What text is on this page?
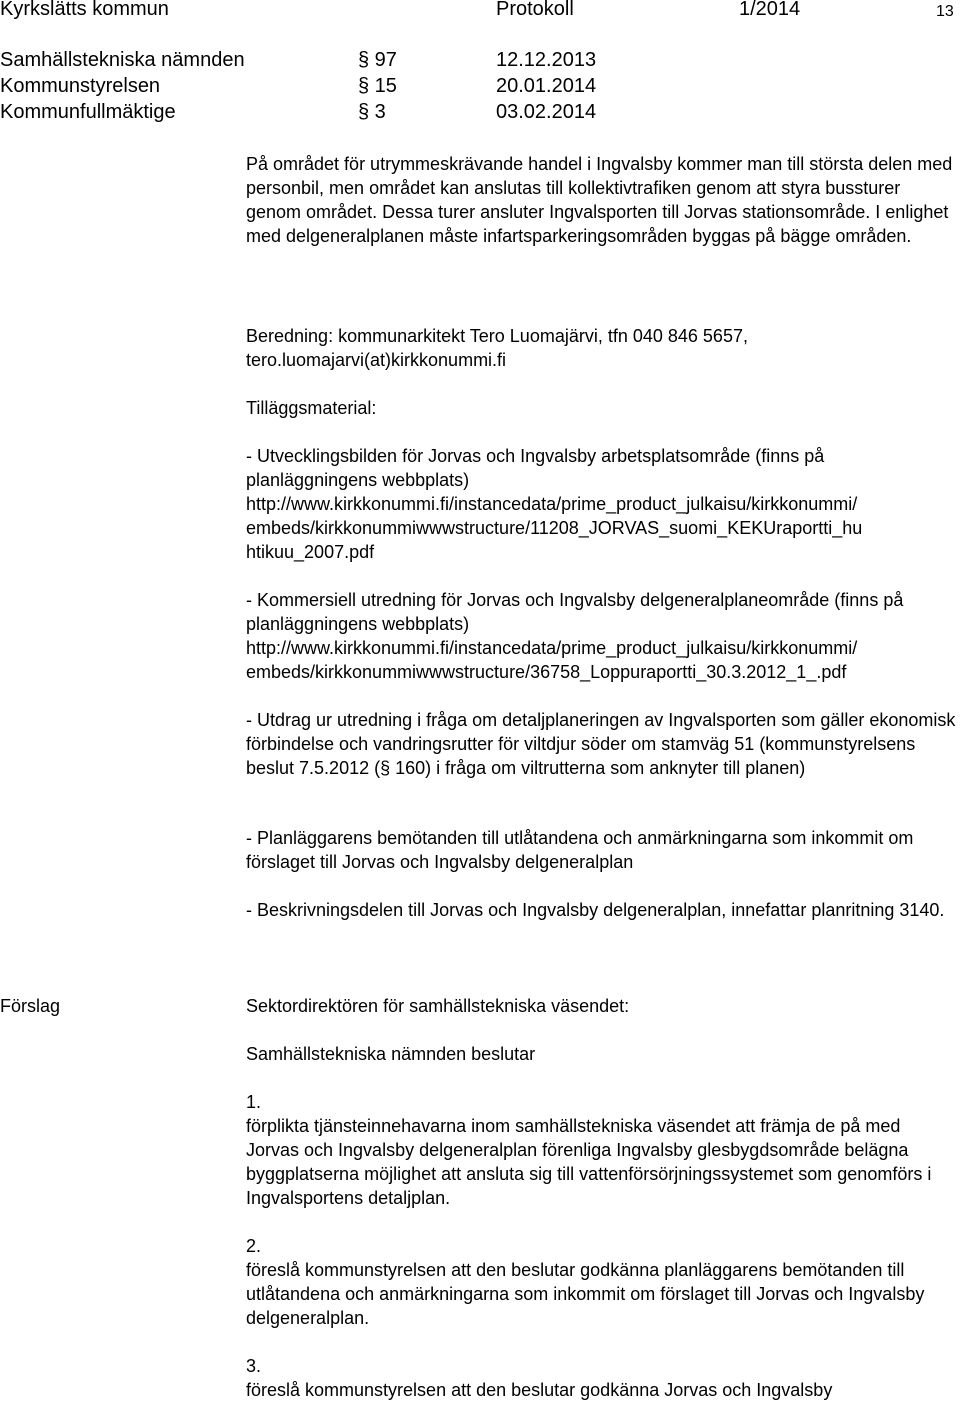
Kyrkslätts kommun	Protokoll	1/2014	13
Samhällstekniska nämnden	§ 97	12.12.2013
Kommunstyrelsen	§ 15	20.01.2014
Kommunfullmäktige	§ 3	03.02.2014

På området för utrymmeskrävande handel i Ingvalsby kommer man till största delen med personbil, men området kan anslutas till kollektivtrafiken genom att styra bussturer genom området. Dessa turer ansluter Ingvalsporten till Jorvas stationsområde. I enlighet med delgeneralplanen måste infartsparkeringsområden byggas på bägge områden.

Beredning: kommunarkitekt Tero Luomajärvi, tfn 040 846 5657,

tero.luomajarvi(at)kirkkonummi.fi

Tilläggsmaterial:

- Utvecklingsbilden för Jorvas och Ingvalsby arbetsplatsområde (finns på planläggningens webbplats)

http://www.kirkkonummi.fi/instancedata/prime_product_julkaisu/kirkkonummi/

embeds/kirkkonummiwwwstructure/11208_JORVAS_suomi_KEKUraportti_hu

htikuu_2007.pdf

- Kommersiell utredning för Jorvas och Ingvalsby delgeneralplaneområde (finns på planläggningens webbplats)

http://www.kirkkonummi.fi/instancedata/prime_product_julkaisu/kirkkonummi/

embeds/kirkkonummiwwwstructure/36758_Loppuraportti_30.3.2012_1_.pdf

- Utdrag ur utredning i fråga om detaljplaneringen av Ingvalsporten som gäller ekonomisk förbindelse och vandringsrutter för viltdjur söder om stamväg 51 (kommunstyrelsens beslut 7.5.2012 (§ 160) i fråga om viltrutterna som anknyter till planen)

- Planläggarens bemötanden till utlåtandena och anmärkningarna som inkommit om förslaget till Jorvas och Ingvalsby delgeneralplan

- Beskrivningsdelen till Jorvas och Ingvalsby delgeneralplan, innefattar planritning 3140.

Förslag	Sektordirektören för samhällstekniska väsendet:

Samhällstekniska nämnden beslutar

1.

förplikta tjänsteinnehavarna inom samhällstekniska väsendet att främja de på med Jorvas och Ingvalsby delgeneralplan förenliga Ingvalsby glesbygdsområde belägna byggplatserna möjlighet att ansluta sig till vattenförsörjningssystemet som genomförs i Ingvalsportens detaljplan.

2.

föreslå kommunstyrelsen att den beslutar godkänna planläggarens bemötanden till utlåtandena och anmärkningarna som inkommit om förslaget till Jorvas och Ingvalsby delgeneralplan.

3.

föreslå kommunstyrelsen att den beslutar godkänna Jorvas och Ingvalsby
